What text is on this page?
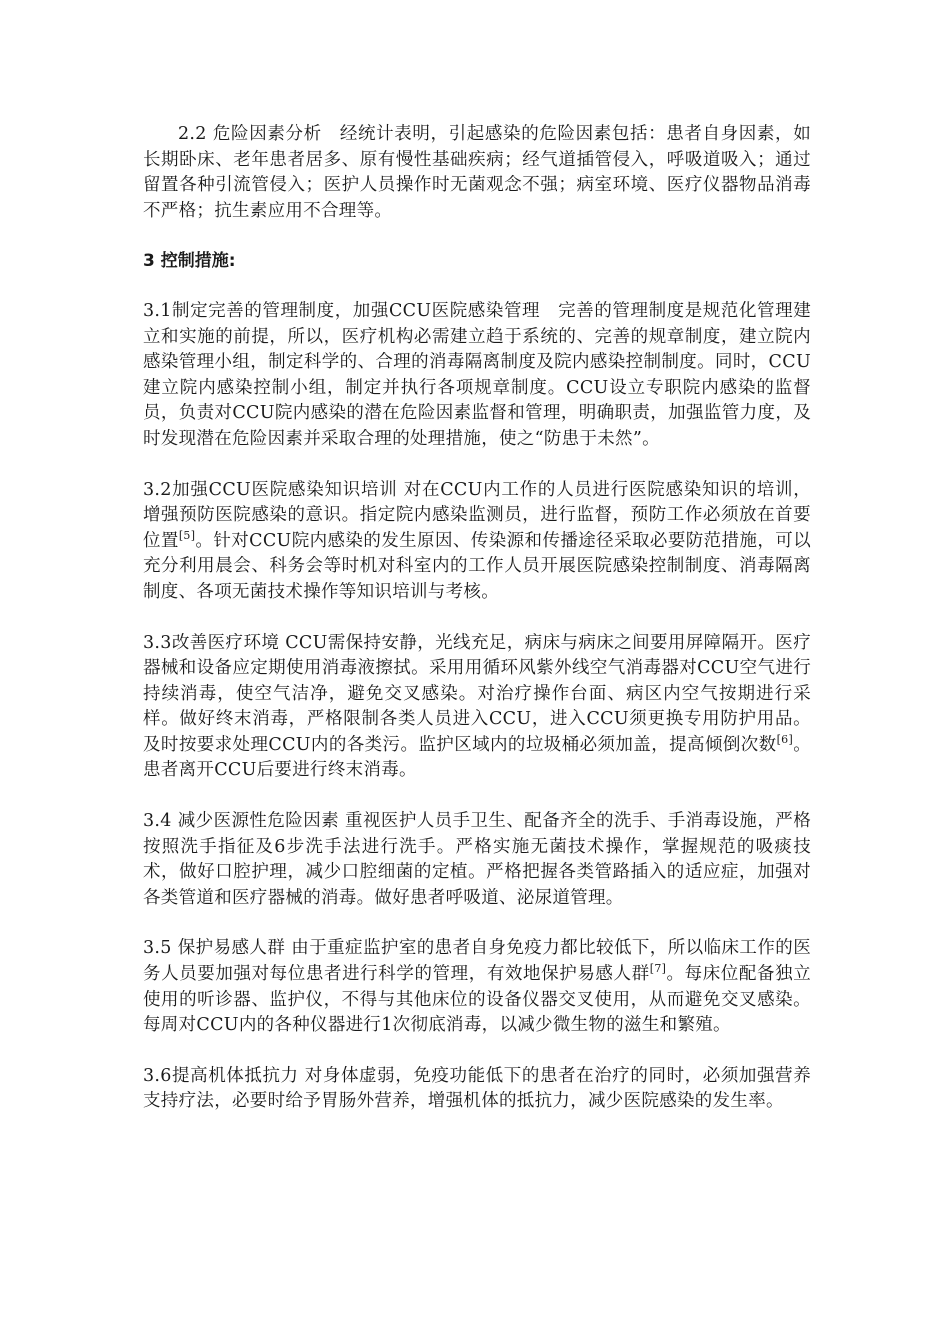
2.2 危险因素分析　经统计表明，引起感染的危险因素包括：患者自身因素，如长期卧床、老年患者居多、原有慢性基础疾病；经气道插管侵入，呼吸道吸入；通过留置各种引流管侵入；医护人员操作时无菌观念不强；病室环境、医疗仪器物品消毒不严格；抗生素应用不合理等。

3 控制措施:

3.1制定完善的管理制度，加强CCU医院感染管理　完善的管理制度是规范化管理建立和实施的前提，所以，医疗机构必需建立趋于系统的、完善的规章制度，建立院内感染管理小组，制定科学的、合理的消毒隔离制度及院内感染控制制度。同时，CCU建立院内感染控制小组，制定并执行各项规章制度。CCU设立专职院内感染的监督员，负责对CCU院内感染的潜在危险因素监督和管理，明确职责，加强监管力度，及时发现潜在危险因素并采取合理的处理措施，使之“防患于未然”。

3.2加强CCU医院感染知识培训 对在CCU内工作的人员进行医院感染知识的培训，增强预防医院感染的意识。指定院内感染监测员，进行监督，预防工作必须放在首要位置[5]。针对CCU院内感染的发生原因、传染源和传播途径采取必要防范措施，可以充分利用晨会、科务会等时机对科室内的工作人员开展医院感染控制制度、消毒隔离制度、各项无菌技术操作等知识培训与考核。

3.3改善医疗环境 CCU需保持安静，光线充足，病床与病床之间要用屏障隔开。医疗器械和设备应定期使用消毒液擦拭。采用用循环风紫外线空气消毒器对CCU空气进行持续消毒，使空气洁净，避免交叉感染。对治疗操作台面、病区内空气按期进行采样。做好终末消毒，严格限制各类人员进入CCU，进入CCU须更换专用防护用品。及时按要求处理CCU内的各类污。监护区域内的垃圾桶必须加盖，提高倾倒次数[6]。患者离开CCU后要进行终末消毒。

3.4 减少医源性危险因素 重视医护人员手卫生、配备齐全的洗手、手消毒设施，严格按照洗手指征及6步洗手法进行洗手。严格实施无菌技术操作，掌握规范的吸痰技术，做好口腔护理，减少口腔细菌的定植。严格把握各类管路插入的适应症，加强对各类管道和医疗器械的消毒。做好患者呼吸道、泌尿道管理。

3.5 保护易感人群 由于重症监护室的患者自身免疫力都比较低下，所以临床工作的医务人员要加强对每位患者进行科学的管理，有效地保护易感人群[7]。每床位配备独立使用的听诊器、监护仪，不得与其他床位的设备仪器交叉使用，从而避免交叉感染。每周对CCU内的各种仪器进行1次彻底消毒，以减少微生物的滋生和繁殖。

3.6提高机体抵抗力 对身体虚弱，免疫功能低下的患者在治疗的同时，必须加强营养支持疗法，必要时给予胃肠外营养，增强机体的抵抗力，减少医院感染的发生率。
